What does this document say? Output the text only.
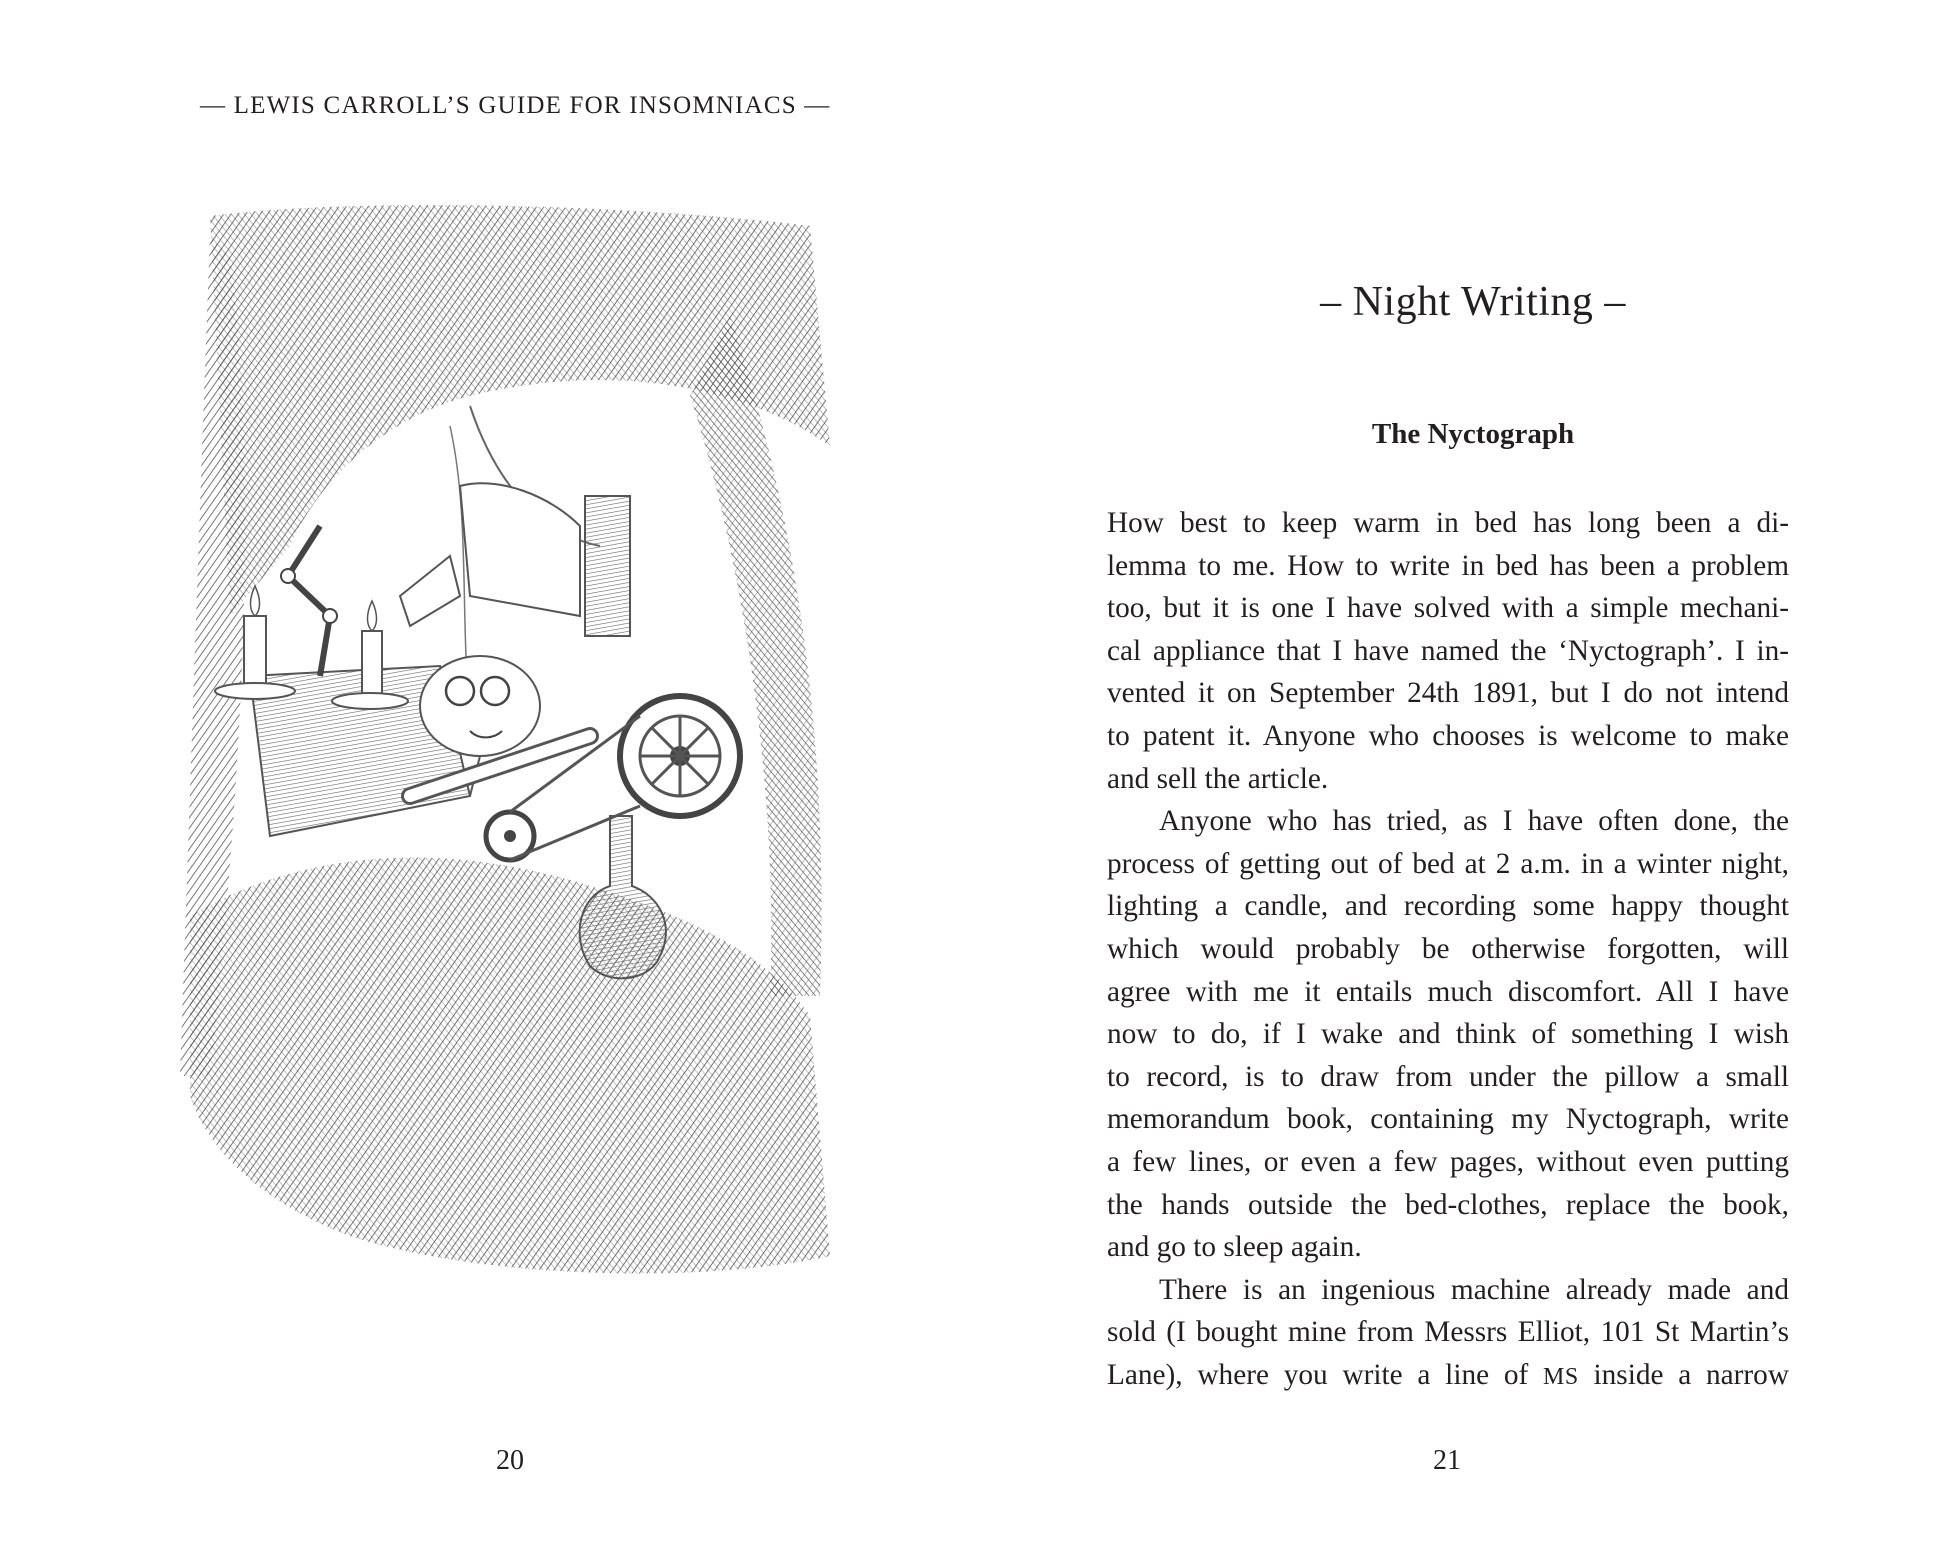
— LEWIS CARROLL’S GUIDE FOR INSOMNIACS —
20
– Night Writing –
The Nyctograph
How best to keep warm in bed has long been a di-
lemma to me. How to write in bed has been a problem
too, but it is one I have solved with a simple mechani-
cal appliance that I have named the ‘Nyctograph’. I in-
vented it on September 24th 1891, but I do not intend
to patent it. Anyone who chooses is welcome to make
and sell the article.
Anyone who has tried, as I have often done, the
process of getting out of bed at 2 a.m. in a winter night,
lighting a candle, and recording some happy thought
which would probably be otherwise forgotten, will
agree with me it entails much discomfort. All I have
now to do, if I wake and think of something I wish
to record, is to draw from under the pillow a small
memorandum book, containing my Nyctograph, write
a few lines, or even a few pages, without even putting
the hands outside the bed-clothes, replace the book,
and go to sleep again.
There is an ingenious machine already made and
sold (I bought mine from Messrs Elliot, 101 St Martin’s
Lane), where you write a line of MS inside a narrow
21
